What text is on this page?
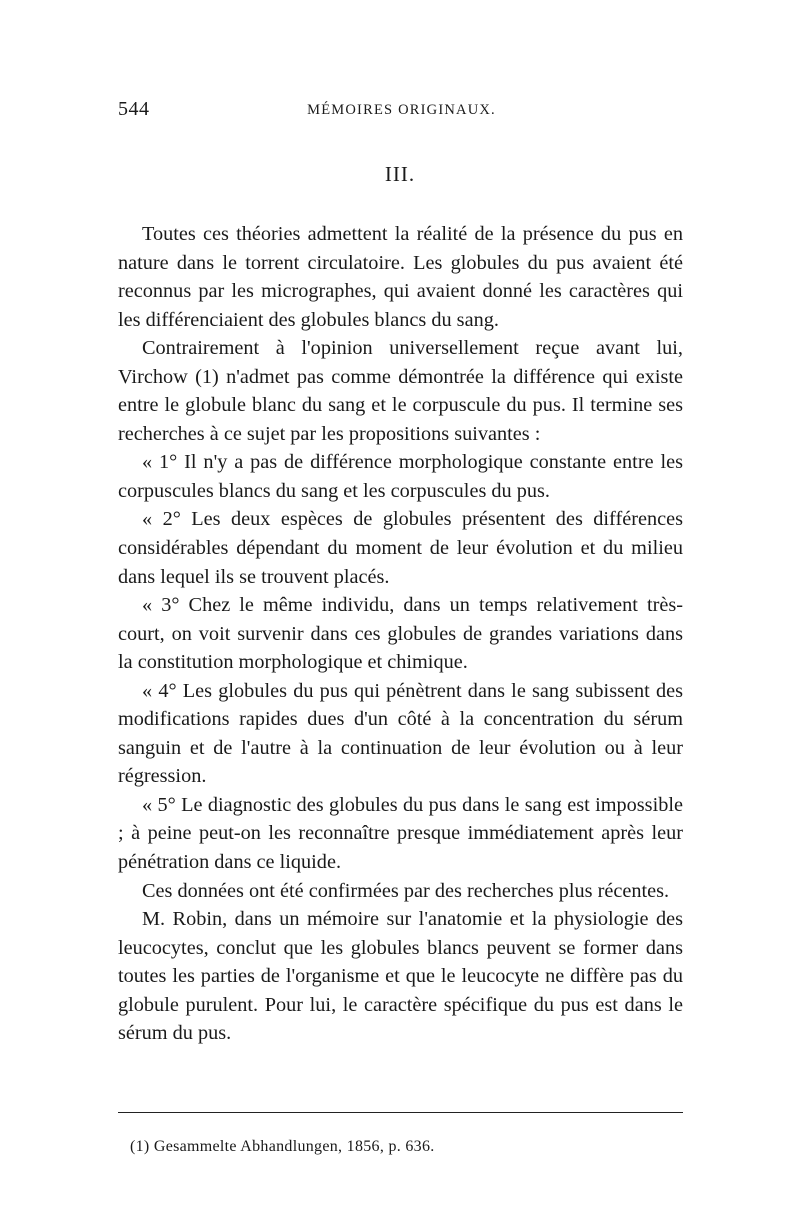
544	MÉMOIRES ORIGINAUX.
III.

Toutes ces théories admettent la réalité de la présence du pus en nature dans le torrent circulatoire. Les globules du pus avaient été reconnus par les micrographes, qui avaient donné les caractères qui les différenciaient des globules blancs du sang.

Contrairement à l'opinion universellement reçue avant lui, Virchow (1) n'admet pas comme démontrée la différence qui existe entre le globule blanc du sang et le corpuscule du pus. Il termine ses recherches à ce sujet par les propositions suivantes :

« 1° Il n'y a pas de différence morphologique constante entre les corpuscules blancs du sang et les corpuscules du pus.

« 2° Les deux espèces de globules présentent des différences considérables dépendant du moment de leur évolution et du milieu dans lequel ils se trouvent placés.

« 3° Chez le même individu, dans un temps relativement très-court, on voit survenir dans ces globules de grandes variations dans la constitution morphologique et chimique.

« 4° Les globules du pus qui pénètrent dans le sang subissent des modifications rapides dues d'un côté à la concentration du sérum sanguin et de l'autre à la continuation de leur évolution ou à leur régression.

« 5° Le diagnostic des globules du pus dans le sang est impossible ; à peine peut-on les reconnaître presque immédiatement après leur pénétration dans ce liquide.

Ces données ont été confirmées par des recherches plus récentes.

M. Robin, dans un mémoire sur l'anatomie et la physiologie des leucocytes, conclut que les globules blancs peuvent se former dans toutes les parties de l'organisme et que le leucocyte ne diffère pas du globule purulent. Pour lui, le caractère spécifique du pus est dans le sérum du pus.

(1) Gesammelte Abhandlungen, 1856, p. 636.
